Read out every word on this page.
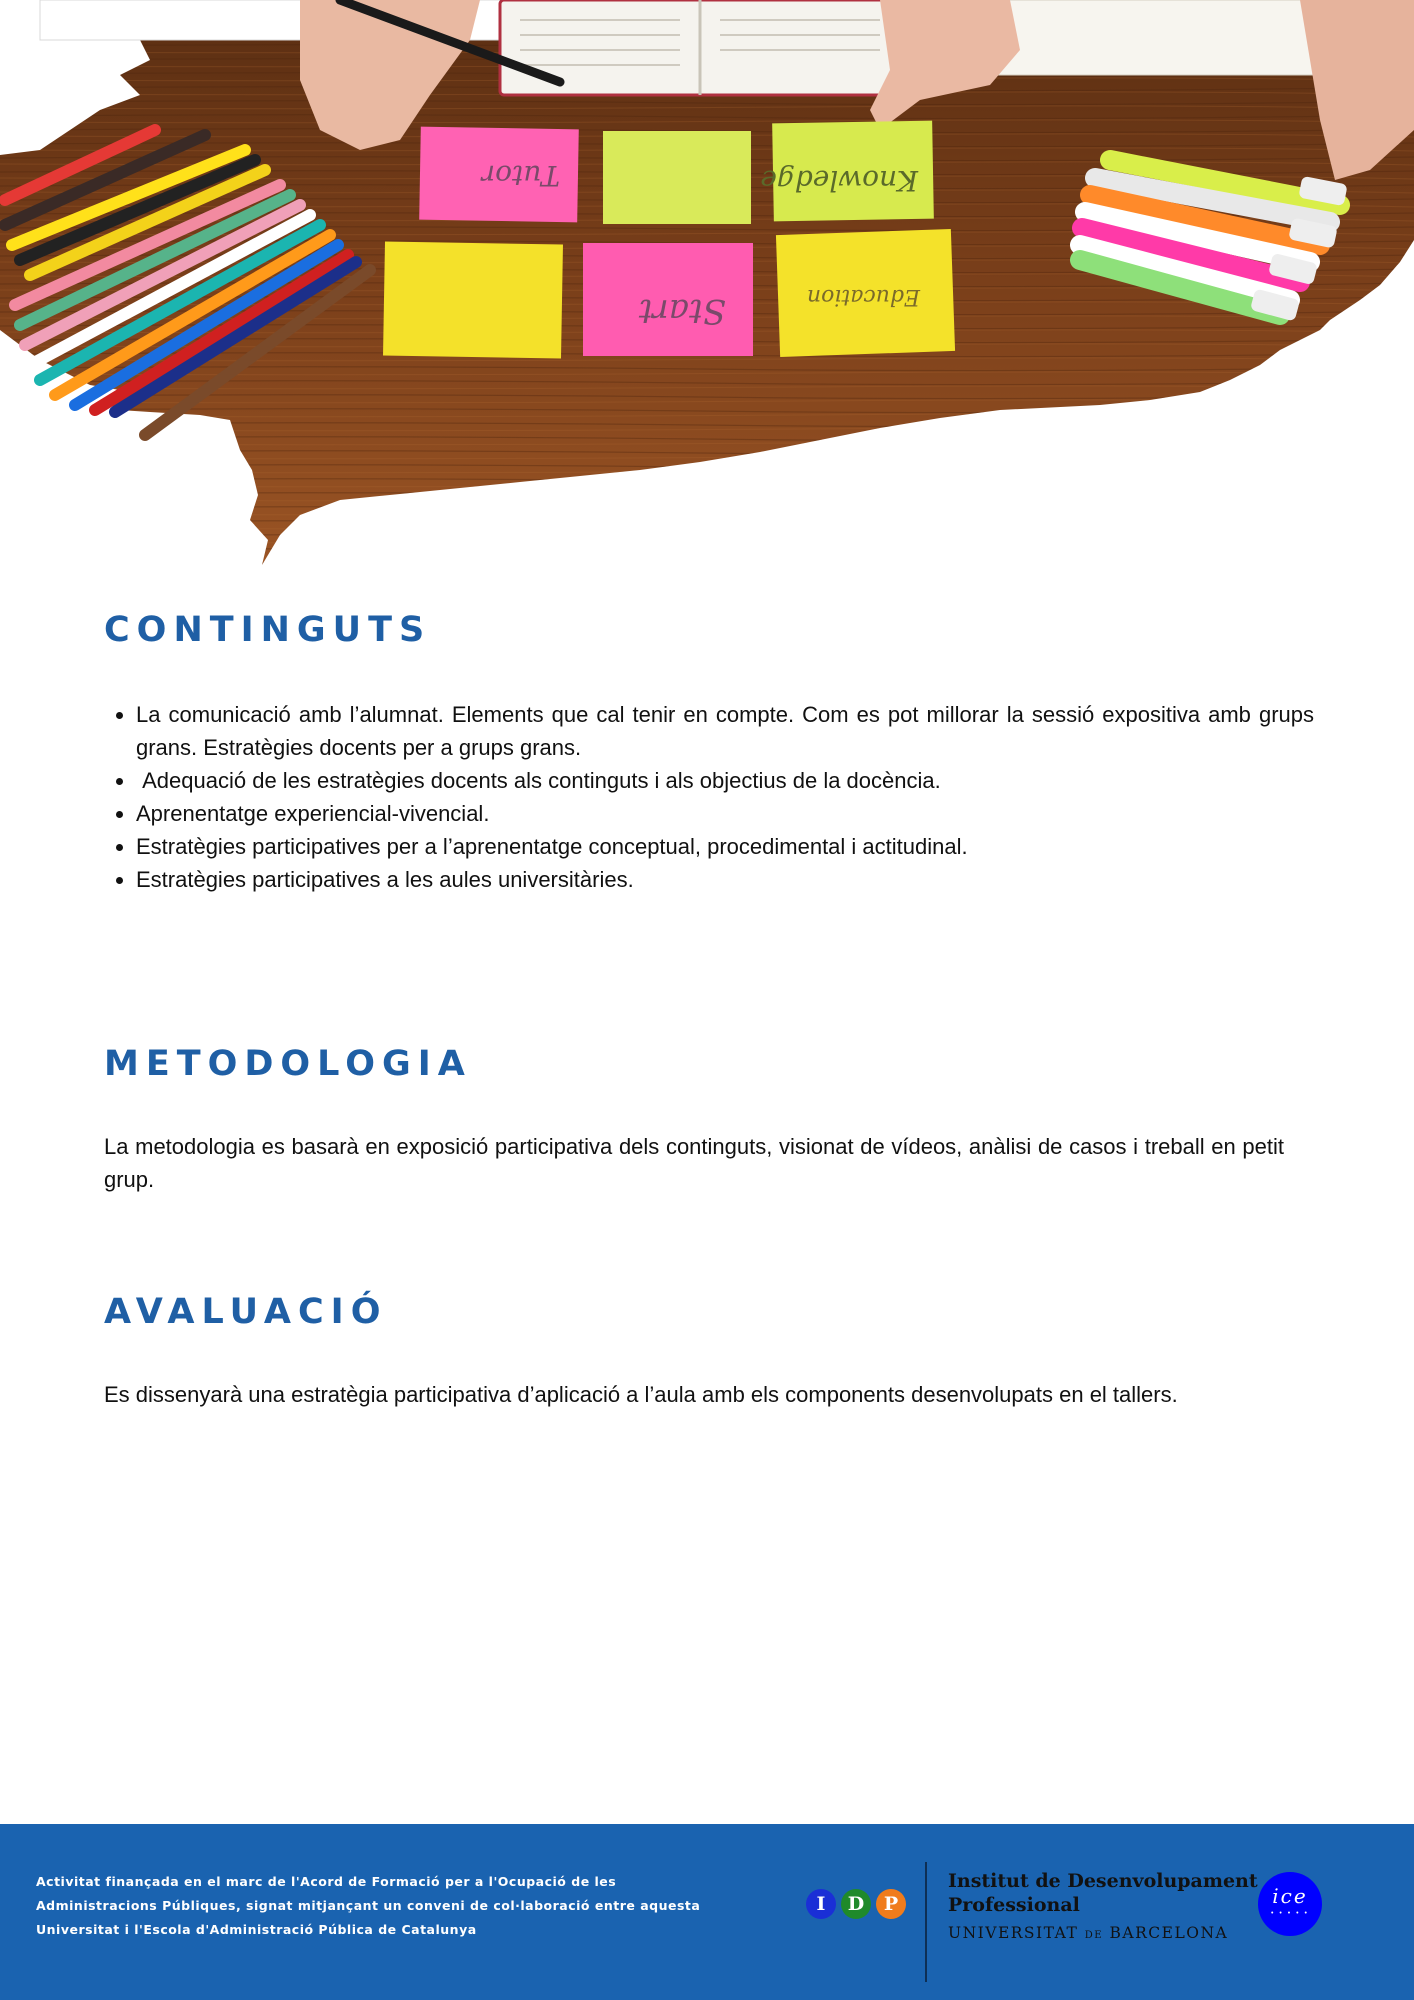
Tutor	Knowledge
Start	Education
CONTINGUTS
• La comunicació amb l’alumnat. Elements que cal tenir en compte. Com es pot millorar la sessió expositiva amb grups grans. Estratègies docents per a grups grans.
•  Adequació de les estratègies docents als continguts i als objectius de la docència.
• Aprenentatge experiencial-vivencial.
• Estratègies participatives per a l’aprenentatge conceptual, procedimental i actitudinal.
• Estratègies participatives a les aules universitàries.
METODOLOGIA

La metodologia es basarà en exposició participativa dels continguts, visionat de vídeos, anàlisi de casos i treball en petit grup.

AVALUACIÓ

Es dissenyarà una estratègia participativa d’aplicació a l’aula amb els components desenvolupats en el tallers.

Activitat finançada en el marc de l'Acord de Formació per a l'Ocupació de les Administracions Públiques, signat mitjançant un conveni de col·laboració entre aquesta Universitat i l'Escola d'Administració Pública de Catalunya

I	D	P

Institut de Desenvolupament

Professional

UNIVERSITAT DE BARCELONA

ice
• • • • •
